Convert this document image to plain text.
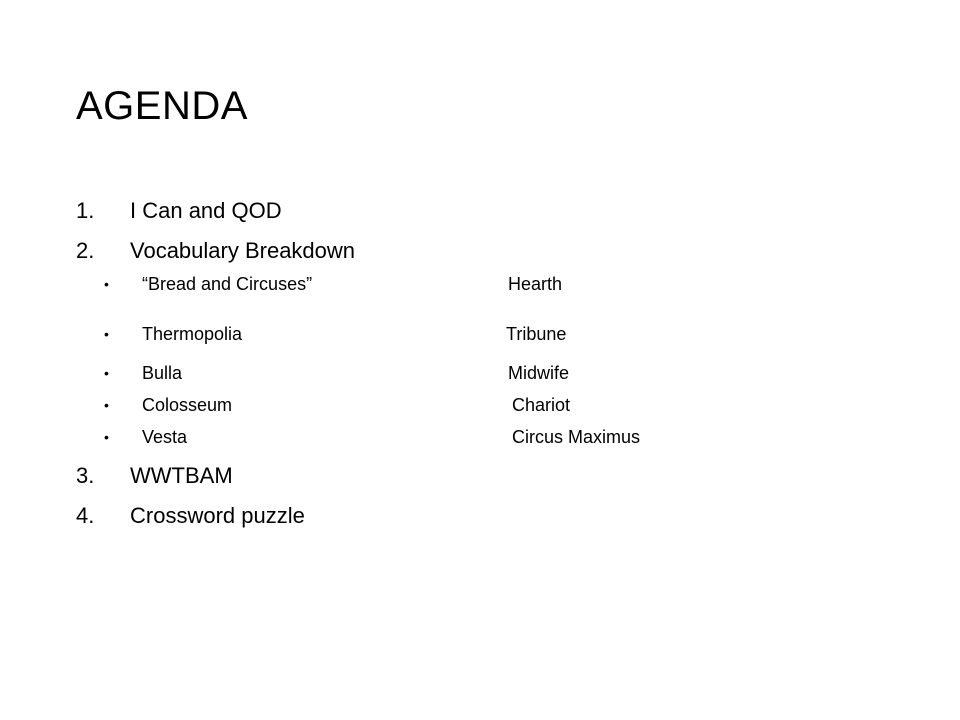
AGENDA
1. I Can and QOD
2. Vocabulary Breakdown
• “Bread and Circuses”	Hearth
• Thermopolia	Tribune
• Bulla	Midwife
• Colosseum	Chariot
• Vesta	Circus Maximus
3. WWTBAM
4. Crossword puzzle
